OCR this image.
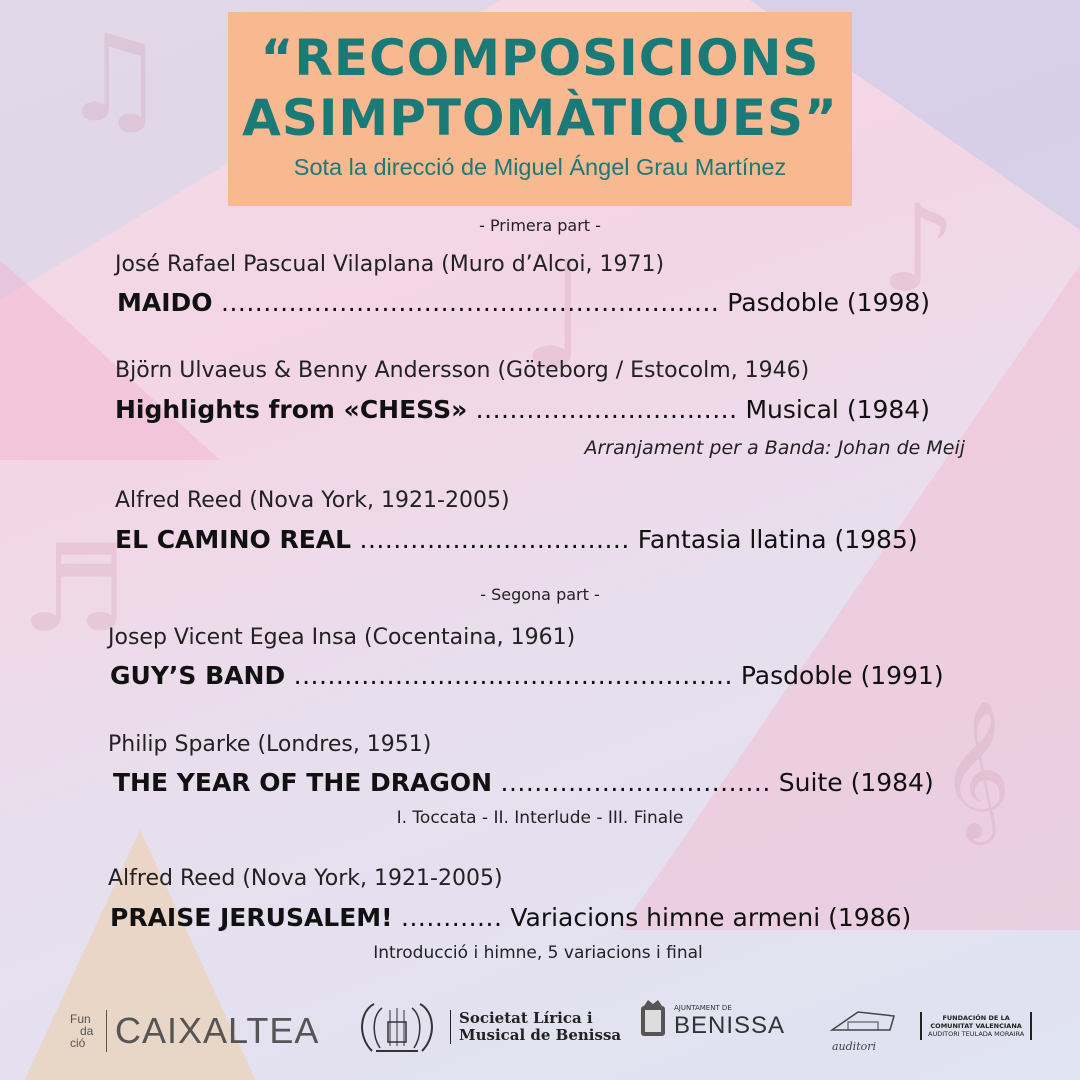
♫
♪
𝄞
♩
♬
“RECOMPOSICIONS
ASIMPTOMÀTIQUES”
Sota la direcció de Miguel Ángel Grau Martínez
- Primera part -
José Rafael Pascual Vilaplana (Muro d’Alcoi, 1971)
MAIDO ........................................................... Pasdoble (1998)
Björn Ulvaeus & Benny Andersson (Göteborg / Estocolm, 1946)
Highlights from «CHESS» ............................... Musical (1984)
Arranjament per a Banda: Johan de Meij
Alfred Reed (Nova York, 1921-2005)
EL CAMINO REAL ................................ Fantasia llatina (1985)
- Segona part -
Josep Vicent Egea Insa (Cocentaina, 1961)
GUY’S BAND .................................................... Pasdoble (1991)
Philip Sparke (Londres, 1951)
THE YEAR OF THE DRAGON ................................ Suite (1984)
I. Toccata - II. Interlude - III. Finale
Alfred Reed (Nova York, 1921-2005)
PRAISE JERUSALEM! ............ Variacions himne armeni (1986)
Introducció i himne, 5 variacions i final
Fun
da
ció CAIXALTEA	Societat Lírica i
Musical de Benissa
AJUNTAMENT DE
BENISSA
auditori
FUNDACIÓN DE LA
COMUNITAT VALENCIANA
AUDITORI TEULADA MORAIRA
